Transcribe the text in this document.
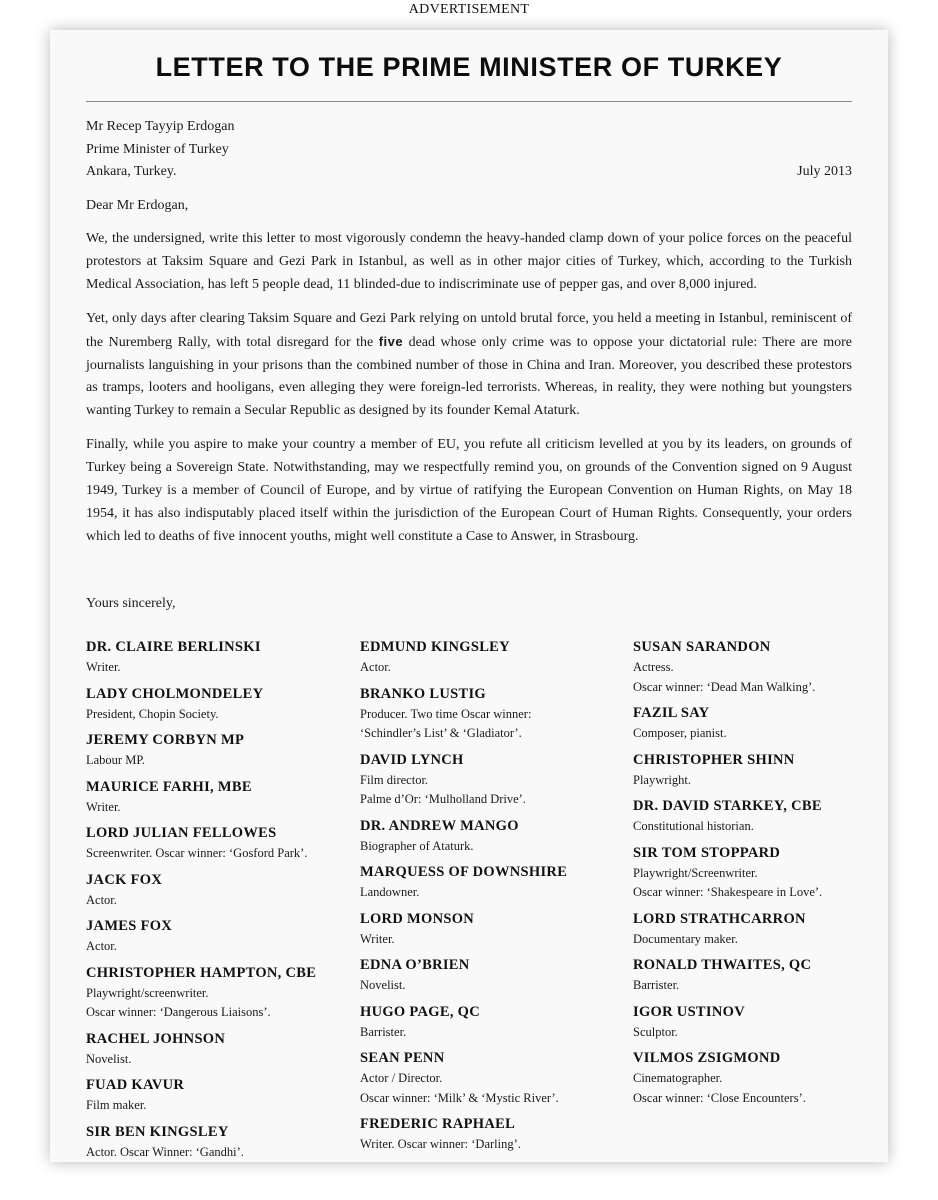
ADVERTISEMENT
LETTER TO THE PRIME MINISTER OF TURKEY
Mr Recep Tayyip Erdogan
Prime Minister of Turkey
Ankara, Turkey.	July 2013
Dear Mr Erdogan,

We, the undersigned, write this letter to most vigorously condemn the heavy-handed clamp down of your police forces on the peaceful protestors at Taksim Square and Gezi Park in Istanbul, as well as in other major cities of Turkey, which, according to the Turkish Medical Association, has left 5 people dead, 11 blinded-due to indiscriminate use of pepper gas, and over 8,000 injured.

Yet, only days after clearing Taksim Square and Gezi Park relying on untold brutal force, you held a meeting in Istanbul, reminiscent of the Nuremberg Rally, with total disregard for the five dead whose only crime was to oppose your dictatorial rule: There are more journalists languishing in your prisons than the combined number of those in China and Iran. Moreover, you described these protestors as tramps, looters and hooligans, even alleging they were foreign-led terrorists. Whereas, in reality, they were nothing but youngsters wanting Turkey to remain a Secular Republic as designed by its founder Kemal Ataturk.

Finally, while you aspire to make your country a member of EU, you refute all criticism levelled at you by its leaders, on grounds of Turkey being a Sovereign State. Notwithstanding, may we respectfully remind you, on grounds of the Convention signed on 9 August 1949, Turkey is a member of Council of Europe, and by virtue of ratifying the European Convention on Human Rights, on May 18 1954, it has also indisputably placed itself within the jurisdiction of the European Court of Human Rights. Consequently, your orders which led to deaths of five innocent youths, might well constitute a Case to Answer, in Strasbourg.

Yours sincerely,
DR. CLAIRE BERLINSKI
Writer.
LADY CHOLMONDELEY
President, Chopin Society.
JEREMY CORBYN MP
Labour MP.
MAURICE FARHI, MBE
Writer.
LORD JULIAN FELLOWES
Screenwriter. Oscar winner: ‘Gosford Park’.
JACK FOX
Actor.
JAMES FOX
Actor.
CHRISTOPHER HAMPTON, CBE
Playwright/screenwriter.
Oscar winner: ‘Dangerous Liaisons’.
RACHEL JOHNSON
Novelist.
FUAD KAVUR
Film maker.
SIR BEN KINGSLEY
Actor. Oscar Winner: ‘Gandhi’.
EDMUND KINGSLEY
Actor.
BRANKO LUSTIG
Producer. Two time Oscar winner:
‘Schindler’s List’ & ‘Gladiator’.
DAVID LYNCH
Film director.
Palme d’Or: ‘Mulholland Drive’.
DR. ANDREW MANGO
Biographer of Ataturk.
MARQUESS OF DOWNSHIRE
Landowner.
LORD MONSON
Writer.
EDNA O’BRIEN
Novelist.
HUGO PAGE, QC
Barrister.
SEAN PENN
Actor / Director.
Oscar winner: ‘Milk’ & ‘Mystic River’.
FREDERIC RAPHAEL
Writer. Oscar winner: ‘Darling’.
SUSAN SARANDON
Actress.
Oscar winner: ‘Dead Man Walking’.
FAZIL SAY
Composer, pianist.
CHRISTOPHER SHINN
Playwright.
DR. DAVID STARKEY, CBE
Constitutional historian.
SIR TOM STOPPARD
Playwright/Screenwriter.
Oscar winner: ‘Shakespeare in Love’.
LORD STRATHCARRON
Documentary maker.
RONALD THWAITES, QC
Barrister.
IGOR USTINOV
Sculptor.
VILMOS ZSIGMOND
Cinematographer.
Oscar winner: ‘Close Encounters’.
